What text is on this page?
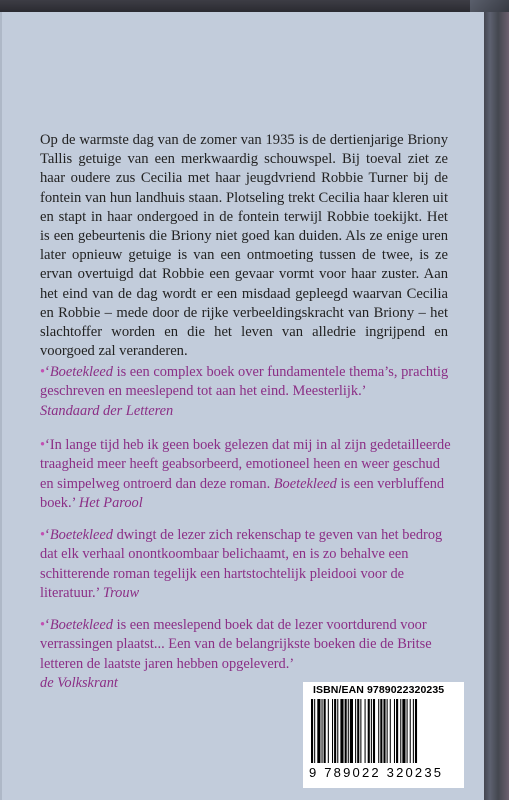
Op de warmste dag van de zomer van 1935 is de dertienjarige Briony Tallis getuige van een merkwaardig schouwspel. Bij toeval ziet ze haar oudere zus Cecilia met haar jeugdvriend Robbie Turner bij de fontein van hun landhuis staan. Plotseling trekt Cecilia haar kleren uit en stapt in haar ondergoed in de fontein terwijl Robbie toekijkt. Het is een gebeurtenis die Briony niet goed kan duiden. Als ze enige uren later opnieuw getuige is van een ontmoeting tussen de twee, is ze ervan overtuigd dat Robbie een gevaar vormt voor haar zuster. Aan het eind van de dag wordt er een misdaad gepleegd waarvan Cecilia en Robbie – mede door de rijke verbeeldingskracht van Briony – het slachtoffer worden en die het leven van alledrie ingrijpend en voorgoed zal veranderen.

•‘Boetekleed is een complex boek over fundamentele thema’s, prachtig geschreven en meeslepend tot aan het eind. Meesterlijk.’
Standaard der Letteren
•‘In lange tijd heb ik geen boek gelezen dat mij in al zijn gedetailleerde traagheid meer heeft geabsorbeerd, emotioneel heen en weer geschud en simpelweg ontroerd dan deze roman. Boetekleed is een verbluffend boek.’ Het Parool
•‘Boetekleed dwingt de lezer zich rekenschap te geven van het bedrog dat elk verhaal onontkoombaar belichaamt, en is zo behalve een schitterende roman tegelijk een hartstochtelijk pleidooi voor de literatuur.’ Trouw
•‘Boetekleed is een meeslepend boek dat de lezer voortdurend voor verrassingen plaatst... Een van de belangrijkste boeken die de Britse letteren de laatste jaren hebben opgeleverd.’
de Volkskrant	ISBN/EAN 9789022320235
9 789022 320235
